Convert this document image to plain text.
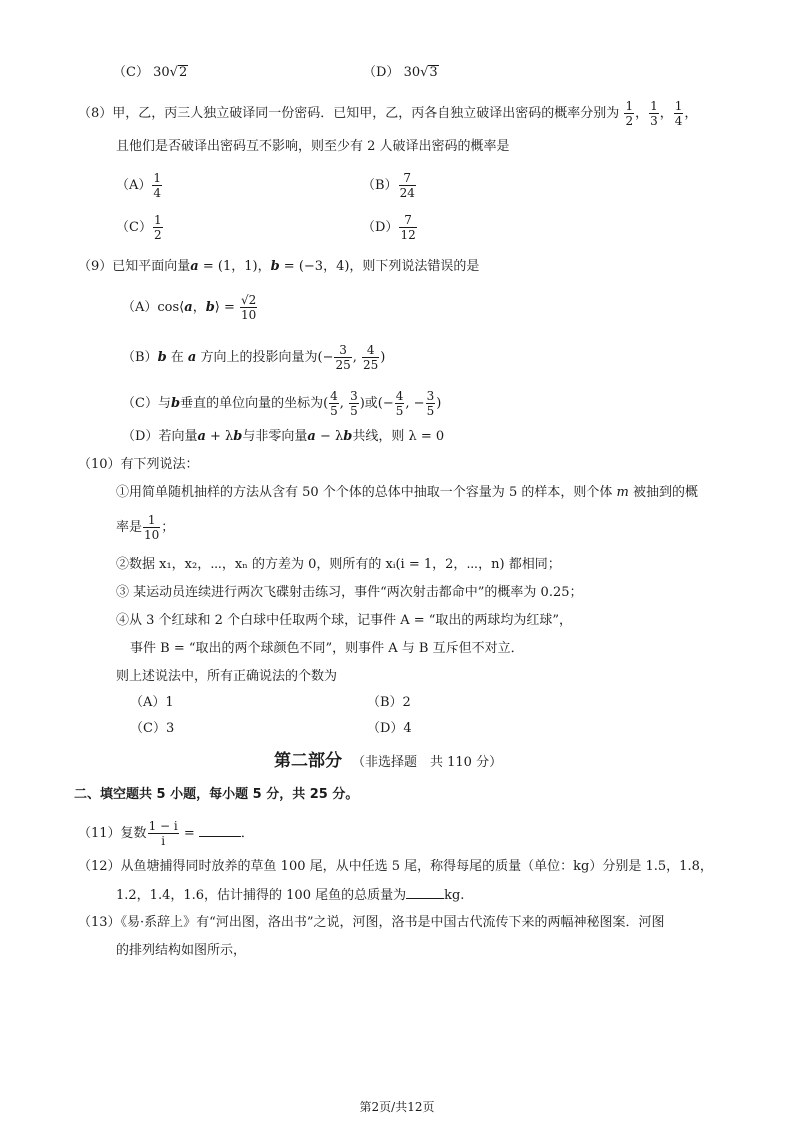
（C） 30√2	（D） 30√3
（8）甲，乙，丙三人独立破译同一份密码．已知甲，乙，丙各自独立破译出密码的概率分别为 $\frac{1}{2}$ ， $\frac{1}{3}$ ， $\frac{1}{4}$ ，
且他们是否破译出密码互不影响，则至少有 2 人破译出密码的概率是
$(A) \frac{1}{4}$	$(B) \frac{7}{24}$
$(C) \frac{1}{2}$	$(D) \frac{7}{12}$
（9）已知平面向量a = (1，1)，b = (−3，4)，则下列说法错误的是
（A）cos⟨a，b⟩ = $\frac{√2}{10}$
（B）b 在 a 方向上的投影向量为(− $\frac{3}{25}$ , $\frac{4}{25}$ )
（C）与b垂直的单位向量的坐标为( $\frac{4}{5}$ , $\frac{3}{5}$ )或(− $\frac{4}{5}$ , − $\frac{3}{5}$ )
（D）若向量a + λb与非零向量a − λb共线，则 λ = 0
（10）有下列说法：
①用简单随机抽样的方法从含有 50 个个体的总体中抽取一个容量为 5 的样本，则个体 m 被抽到的概
率是 $\frac{1}{10}$ ；
②数据 x₁，x₂，⋯，xₙ 的方差为 0，则所有的 xᵢ(i = 1，2，⋯，n) 都相同；
③ 某运动员连续进行两次飞碟射击练习，事件“两次射击都命中”的概率为 0.25；
④从 3 个红球和 2 个白球中任取两个球，记事件 A = “取出的两球均为红球”，
事件 B = “取出的两个球颜色不同”，则事件 A 与 B 互斥但不对立．
则上述说法中，所有正确说法的个数为
（A）1	（B）2
（C）3	（D）4
第二部分 （非选择题　共 110 分）
二、填空题共 5 小题，每小题 5 分，共 25 分。
（11）复数 $\frac{1 - i}{i}$ =	．
（12）从鱼塘捕得同时放养的草鱼 100 尾，从中任选 5 尾，称得每尾的质量（单位：kg）分别是 1.5，1.8，
1.2，1.4，1.6，估计捕得的 100 尾鱼的总质量为	kg.
（13）《易·系辞上》有“河出图，洛出书”之说，河图，洛书是中国古代流传下来的两幅神秘图案．河图
的排列结构如图所示，
第2页/共12页
